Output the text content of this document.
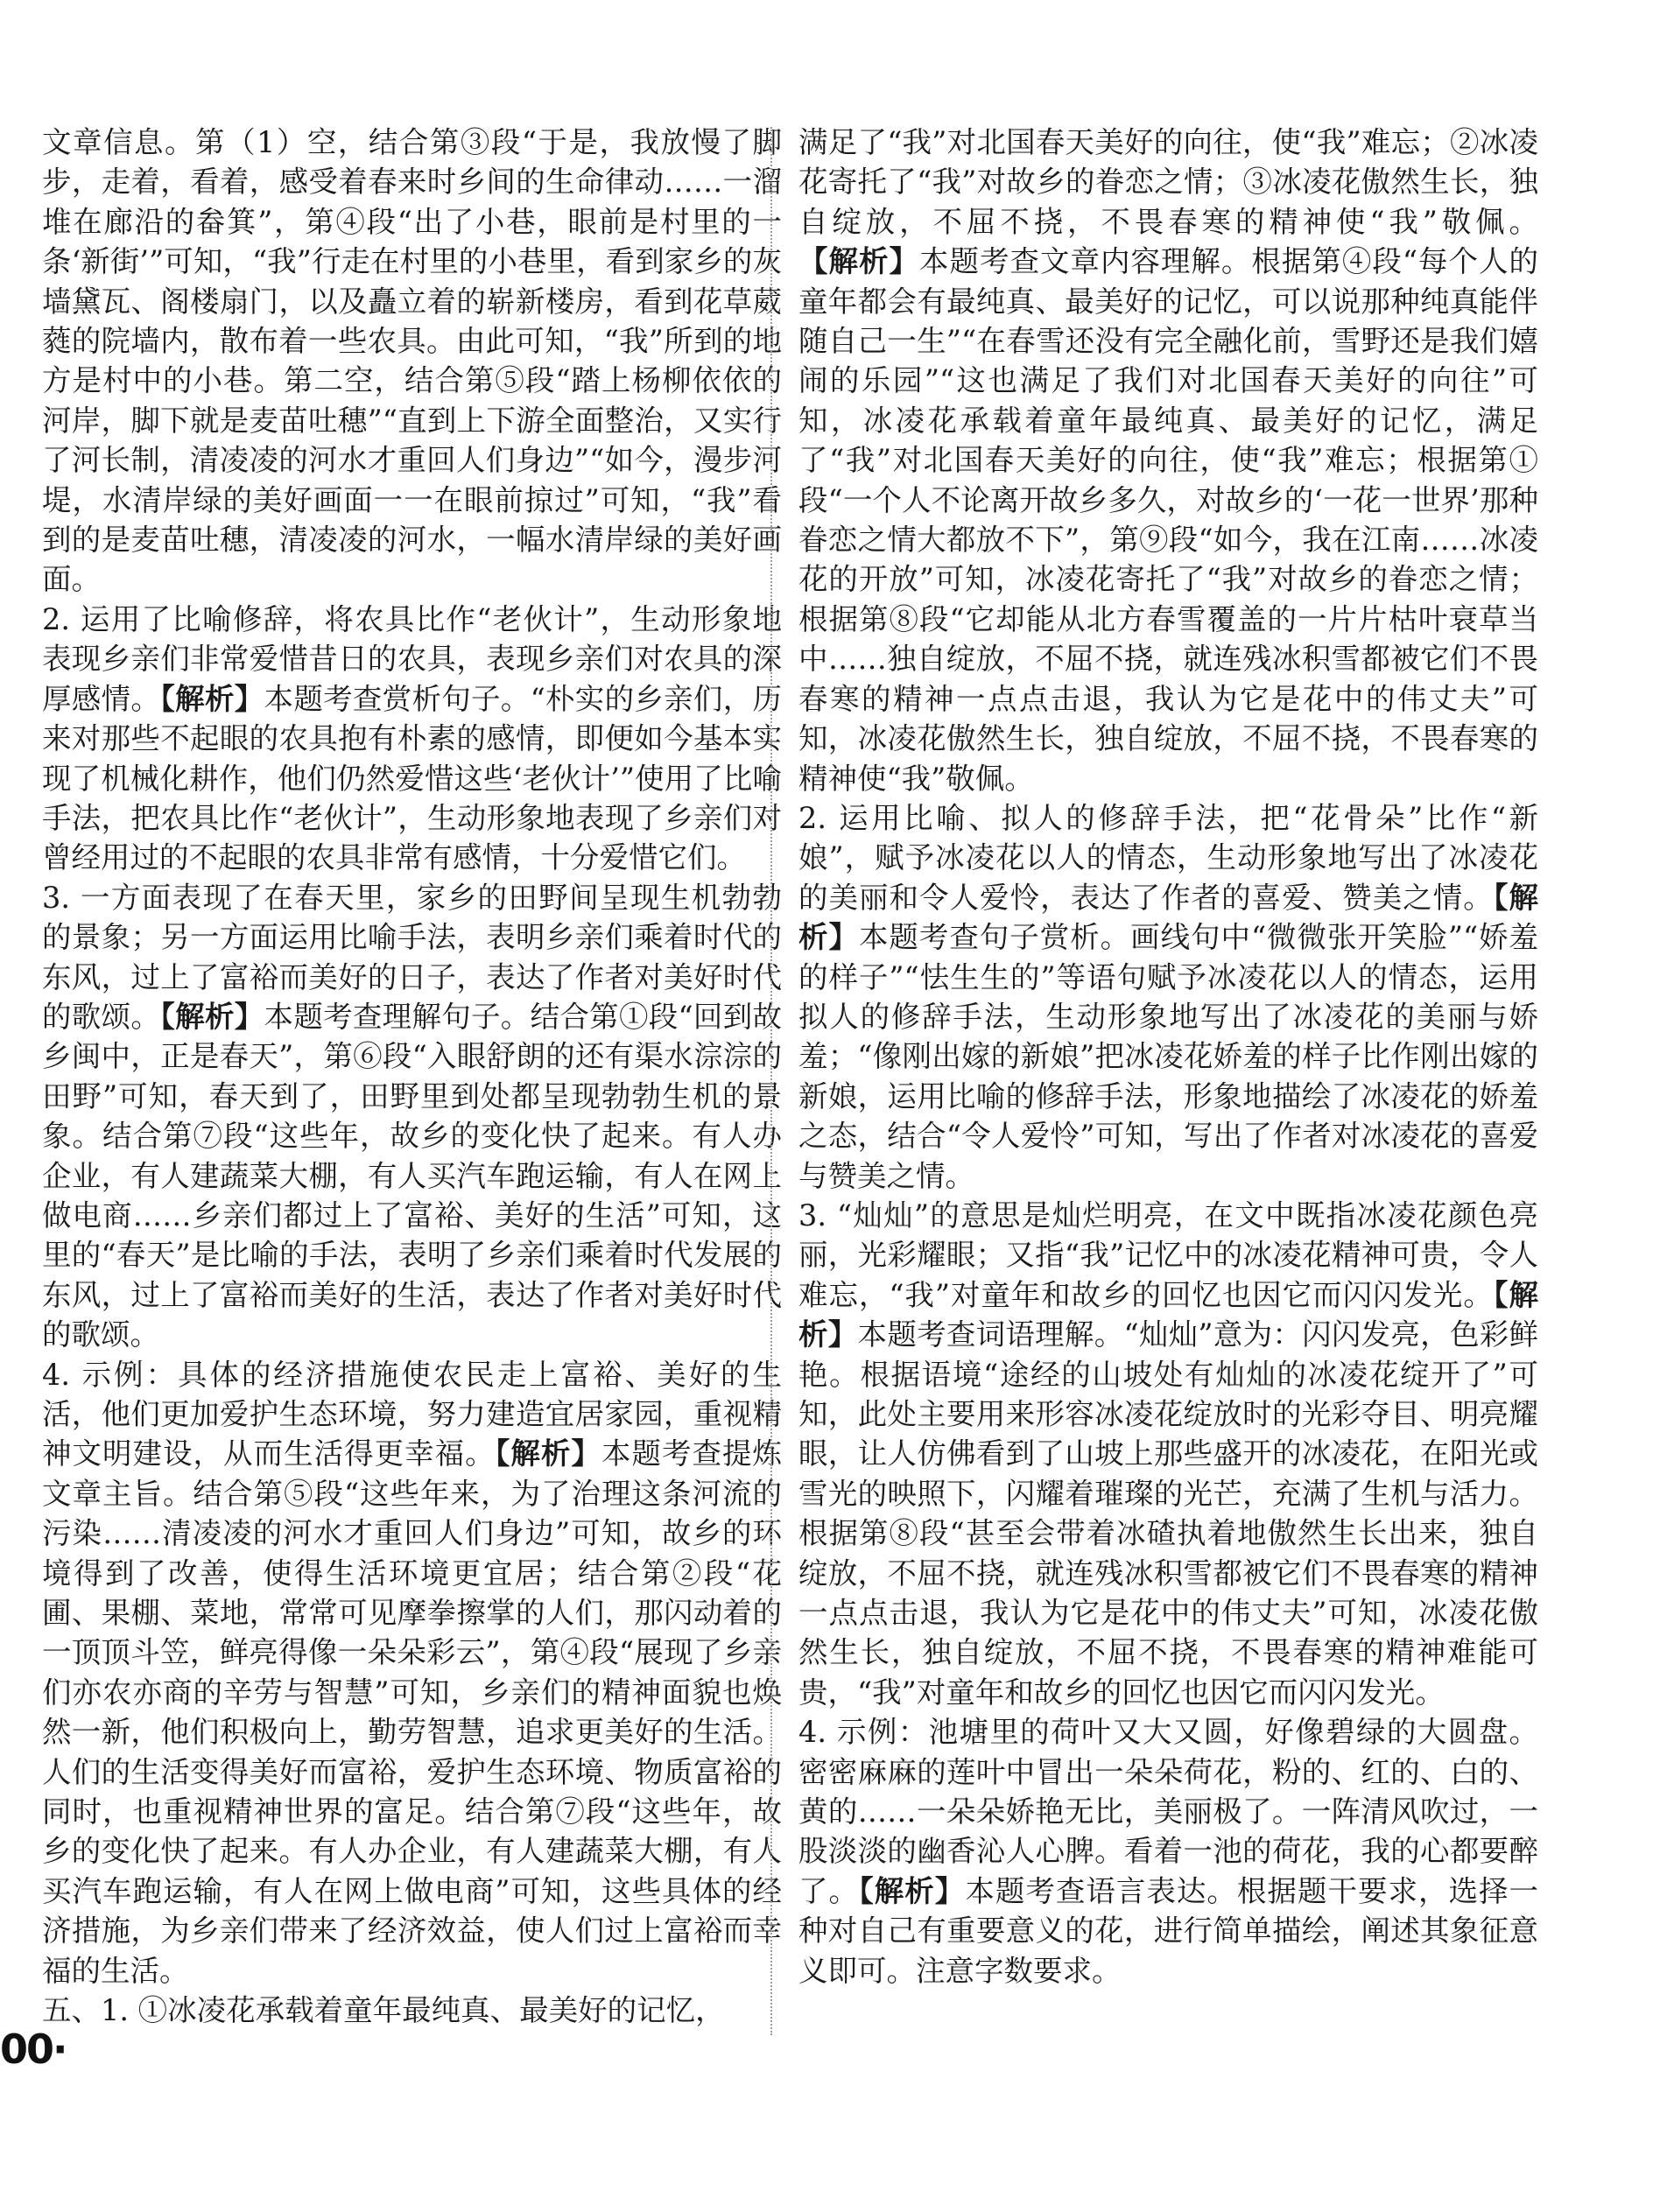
文章信息。第（1）空，结合第③段“于是，我放慢了脚步，走着，看着，感受着春来时乡间的生命律动……一溜堆在廊沿的畚箕”，第④段“出了小巷，眼前是村里的一条‘新街’”可知，“我”行走在村里的小巷里，看到家乡的灰墙黛瓦、阁楼扇门，以及矗立着的崭新楼房，看到花草葳蕤的院墙内，散布着一些农具。由此可知，“我”所到的地方是村中的小巷。第二空，结合第⑤段“踏上杨柳依依的河岸，脚下就是麦苗吐穗”“直到上下游全面整治，又实行了河长制，清凌凌的河水才重回人们身边”“如今，漫步河堤，水清岸绿的美好画面一一在眼前掠过”可知，“我”看到的是麦苗吐穗，清凌凌的河水，一幅水清岸绿的美好画面。

2. 运用了比喻修辞，将农具比作“老伙计”，生动形象地表现乡亲们非常爱惜昔日的农具，表现乡亲们对农具的深厚感情。【解析】本题考查赏析句子。“朴实的乡亲们，历来对那些不起眼的农具抱有朴素的感情，即便如今基本实现了机械化耕作，他们仍然爱惜这些‘老伙计’”使用了比喻手法，把农具比作“老伙计”，生动形象地表现了乡亲们对曾经用过的不起眼的农具非常有感情，十分爱惜它们。

3. 一方面表现了在春天里，家乡的田野间呈现生机勃勃的景象；另一方面运用比喻手法，表明乡亲们乘着时代的东风，过上了富裕而美好的日子，表达了作者对美好时代的歌颂。【解析】本题考查理解句子。结合第①段“回到故乡闽中，正是春天”，第⑥段“入眼舒朗的还有渠水淙淙的田野”可知，春天到了，田野里到处都呈现勃勃生机的景象。结合第⑦段“这些年，故乡的变化快了起来。有人办企业，有人建蔬菜大棚，有人买汽车跑运输，有人在网上做电商……乡亲们都过上了富裕、美好的生活”可知，这里的“春天”是比喻的手法，表明了乡亲们乘着时代发展的东风，过上了富裕而美好的生活，表达了作者对美好时代的歌颂。

4. 示例：具体的经济措施使农民走上富裕、美好的生活，他们更加爱护生态环境，努力建造宜居家园，重视精神文明建设，从而生活得更幸福。【解析】本题考查提炼文章主旨。结合第⑤段“这些年来，为了治理这条河流的污染……清凌凌的河水才重回人们身边”可知，故乡的环境得到了改善，使得生活环境更宜居；结合第②段“花圃、果棚、菜地，常常可见摩拳擦掌的人们，那闪动着的一顶顶斗笠，鲜亮得像一朵朵彩云”，第④段“展现了乡亲们亦农亦商的辛劳与智慧”可知，乡亲们的精神面貌也焕然一新，他们积极向上，勤劳智慧，追求更美好的生活。人们的生活变得美好而富裕，爱护生态环境、物质富裕的同时，也重视精神世界的富足。结合第⑦段“这些年，故乡的变化快了起来。有人办企业，有人建蔬菜大棚，有人买汽车跑运输，有人在网上做电商”可知，这些具体的经济措施，为乡亲们带来了经济效益，使人们过上富裕而幸福的生活。

五、1. ①冰凌花承载着童年最纯真、最美好的记忆，

满足了“我”对北国春天美好的向往，使“我”难忘；②冰凌花寄托了“我”对故乡的眷恋之情；③冰凌花傲然生长，独自绽放，不屈不挠，不畏春寒的精神使“我”敬佩。【解析】本题考查文章内容理解。根据第④段“每个人的童年都会有最纯真、最美好的记忆，可以说那种纯真能伴随自己一生”“在春雪还没有完全融化前，雪野还是我们嬉闹的乐园”“这也满足了我们对北国春天美好的向往”可知，冰凌花承载着童年最纯真、最美好的记忆，满足了“我”对北国春天美好的向往，使“我”难忘；根据第①段“一个人不论离开故乡多久，对故乡的‘一花一世界’那种眷恋之情大都放不下”，第⑨段“如今，我在江南……冰凌花的开放”可知，冰凌花寄托了“我”对故乡的眷恋之情；根据第⑧段“它却能从北方春雪覆盖的一片片枯叶衰草当中……独自绽放，不屈不挠，就连残冰积雪都被它们不畏春寒的精神一点点击退，我认为它是花中的伟丈夫”可知，冰凌花傲然生长，独自绽放，不屈不挠，不畏春寒的精神使“我”敬佩。

2. 运用比喻、拟人的修辞手法，把“花骨朵”比作“新娘”，赋予冰凌花以人的情态，生动形象地写出了冰凌花的美丽和令人爱怜，表达了作者的喜爱、赞美之情。【解析】本题考查句子赏析。画线句中“微微张开笑脸”“娇羞的样子”“怯生生的”等语句赋予冰凌花以人的情态，运用拟人的修辞手法，生动形象地写出了冰凌花的美丽与娇羞；“像刚出嫁的新娘”把冰凌花娇羞的样子比作刚出嫁的新娘，运用比喻的修辞手法，形象地描绘了冰凌花的娇羞之态，结合“令人爱怜”可知，写出了作者对冰凌花的喜爱与赞美之情。

3. “灿灿”的意思是灿烂明亮，在文中既指冰凌花颜色亮丽，光彩耀眼；又指“我”记忆中的冰凌花精神可贵，令人难忘，“我”对童年和故乡的回忆也因它而闪闪发光。【解析】本题考查词语理解。“灿灿”意为：闪闪发亮，色彩鲜艳。根据语境“途经的山坡处有灿灿的冰凌花绽开了”可知，此处主要用来形容冰凌花绽放时的光彩夺目、明亮耀眼，让人仿佛看到了山坡上那些盛开的冰凌花，在阳光或雪光的映照下，闪耀着璀璨的光芒，充满了生机与活力。根据第⑧段“甚至会带着冰碴执着地傲然生长出来，独自绽放，不屈不挠，就连残冰积雪都被它们不畏春寒的精神一点点击退，我认为它是花中的伟丈夫”可知，冰凌花傲然生长，独自绽放，不屈不挠，不畏春寒的精神难能可贵，“我”对童年和故乡的回忆也因它而闪闪发光。

4. 示例：池塘里的荷叶又大又圆，好像碧绿的大圆盘。密密麻麻的莲叶中冒出一朵朵荷花，粉的、红的、白的、黄的……一朵朵娇艳无比，美丽极了。一阵清风吹过，一股淡淡的幽香沁人心脾。看着一池的荷花，我的心都要醉了。【解析】本题考查语言表达。根据题干要求，选择一种对自己有重要意义的花，进行简单描绘，阐述其象征意义即可。注意字数要求。

00·
